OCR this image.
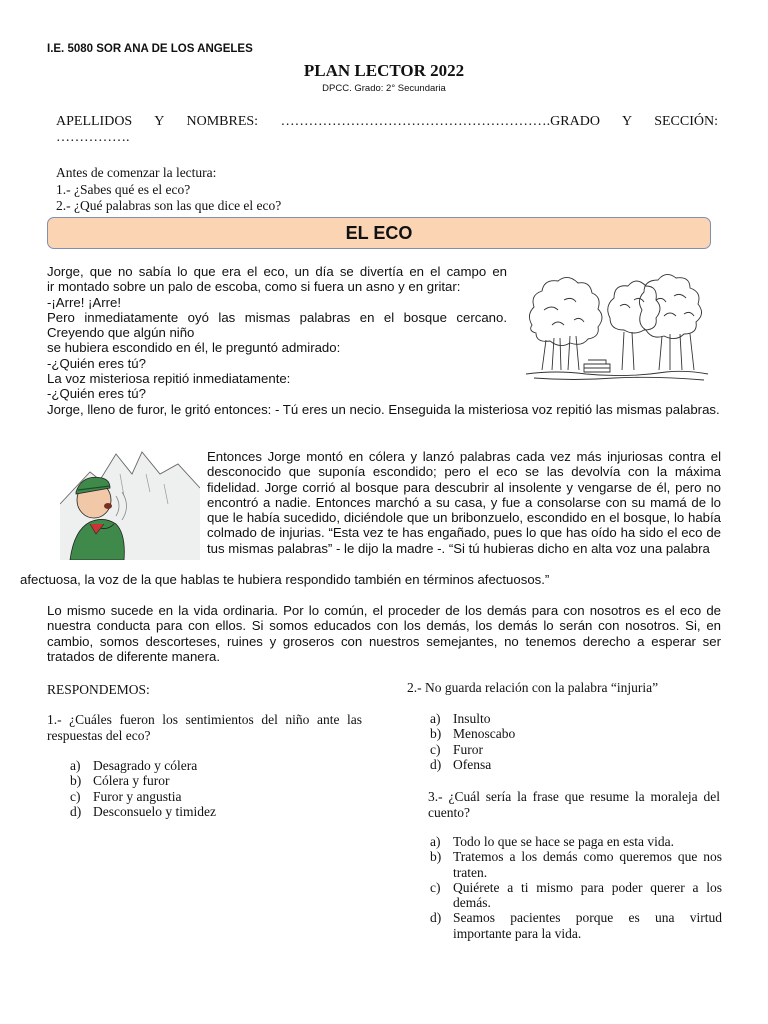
I.E. 5080 SOR ANA DE LOS ANGELES
PLAN LECTOR 2022
DPCC. Grado: 2° Secundaria
APELLIDOS Y NOMBRES: ………………………………………………….GRADO Y SECCIÓN:
…………….
Antes de comenzar la lectura:
1.- ¿Sabes qué es el eco?
2.- ¿Qué palabras son las que dice el eco?
EL ECO
Jorge, que no sabía lo que era el eco, un día se divertía en el campo en
ir montado sobre un palo de escoba, como si fuera un asno y en gritar:
-¡Arre! ¡Arre!
Pero inmediatamente oyó las mismas palabras en el bosque cercano. Creyendo que algún niño
se hubiera escondido en él, le preguntó admirado:
-¿Quién eres tú?
La voz misteriosa repitió inmediatamente:
-¿Quién eres tú?
Jorge, lleno de furor, le gritó entonces: - Tú eres un necio. Enseguida la misteriosa voz repitió las mismas palabras.
Entonces Jorge montó en cólera y lanzó palabras cada vez más injuriosas contra el desconocido que suponía escondido; pero el eco se las devolvía con la máxima fidelidad. Jorge corrió al bosque para descubrir al insolente y vengarse de él, pero no encontró a nadie. Entonces marchó a su casa, y fue a consolarse con su mamá de lo que le había sucedido, diciéndole que un bribonzuelo, escondido en el bosque, lo había colmado de injurias. “Esta vez te has engañado, pues lo que has oído ha sido el eco de tus mismas palabras” - le dijo la madre -. “Si tú hubieras dicho en alta voz una palabra
afectuosa, la voz de la que hablas te hubiera respondido también en términos afectuosos.”
Lo mismo sucede en la vida ordinaria. Por lo común, el proceder de los demás para con nosotros es el eco de nuestra conducta para con ellos. Si somos educados con los demás, los demás lo serán con nosotros. Si, en cambio, somos descorteses, ruines y groseros con nuestros semejantes, no tenemos derecho a esperar ser tratados de diferente manera.
RESPONDEMOS:
1.- ¿Cuáles fueron los sentimientos del niño ante las respuestas del eco?
a) Desagrado y cólera
b) Cólera y furor
c) Furor y angustia
d) Desconsuelo y timidez
2.- No guarda relación con la palabra “injuria”
a) Insulto
b) Menoscabo
c) Furor
d) Ofensa
3.- ¿Cuál sería la frase que resume la moraleja del cuento?
a) Todo lo que se hace se paga en esta vida.
b) Tratemos a los demás como queremos que nos traten.
c) Quiérete a ti mismo para poder querer a los demás.
d) Seamos pacientes porque es una virtud importante para la vida.
